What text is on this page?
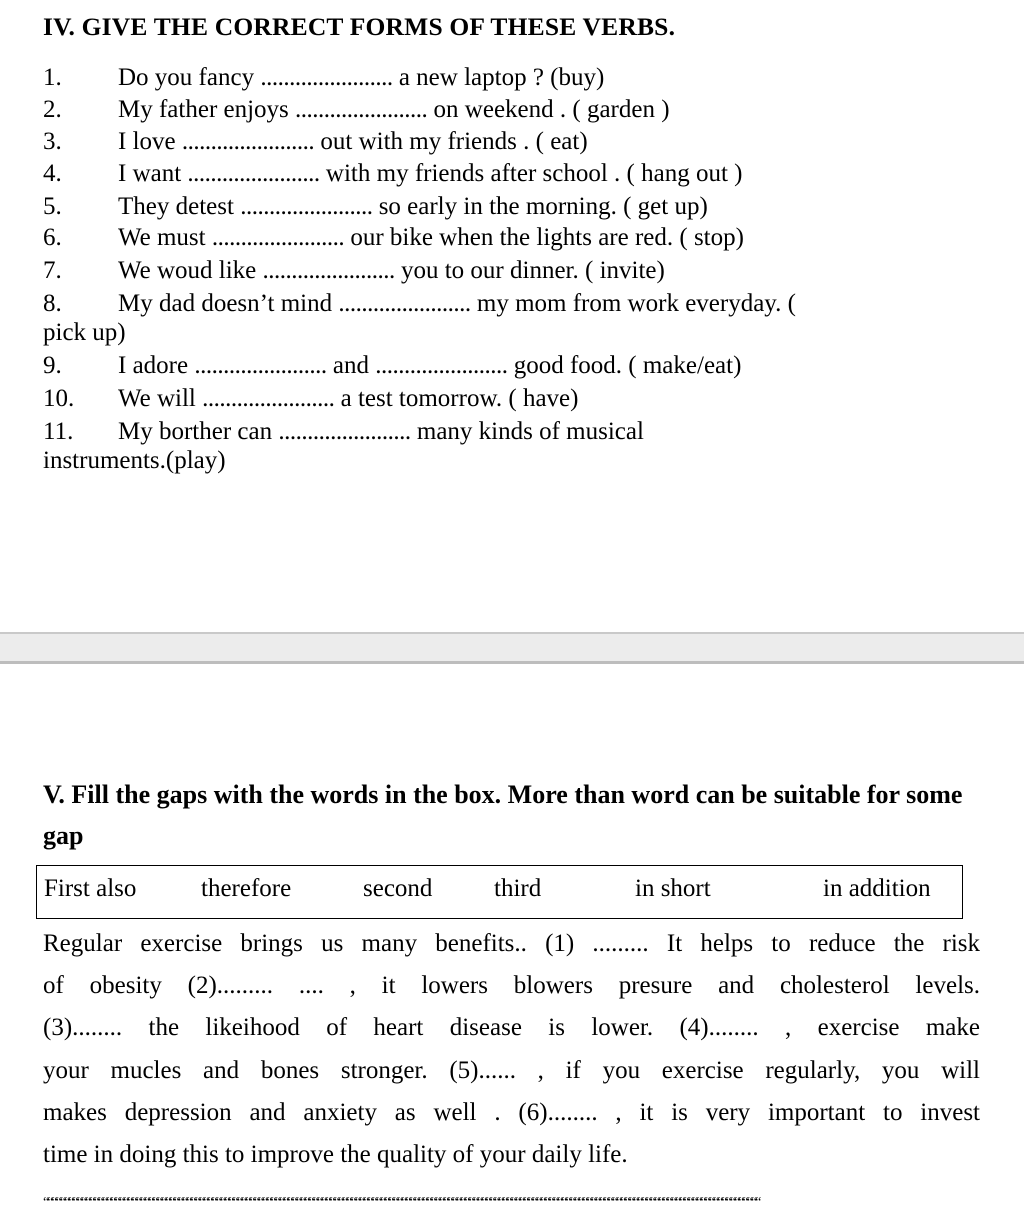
IV. GIVE THE CORRECT FORMS OF THESE VERBS.
1. Do you fancy ....................... a new laptop ? (buy)
2. My father enjoys ....................... on weekend . ( garden )
3. I love ....................... out with my friends . ( eat)
4. I want ....................... with my friends after school . ( hang out )
5. They detest ....................... so early in the morning. ( get up)
6. We must ....................... our bike when the lights are red. ( stop)
7. We woud like ....................... you to our dinner. ( invite)
8. My dad doesn’t mind ....................... my mom from work everyday. (
pick up)
9. I adore ....................... and ....................... good food. ( make/eat)
10. We will ....................... a test tomorrow. ( have)
11. My borther can ....................... many kinds of musical
instruments.(play)
V. Fill the gaps with the words in the box. More than word can be suitable for some gap
First also	therefore	second third	in short	in addition
Regular exercise brings us many benefits.. (1) ......... It helps to reduce the risk
of obesity (2)......... .... , it lowers blowers presure and cholesterol levels.
(3)........ the likeihood of heart disease is lower. (4)........ , exercise make
your mucles and bones stronger. (5)...... , if you exercise regularly, you will
makes depression and anxiety as well . (6)........ , it is very important to invest
time in doing this to improve the quality of your daily life.
““““““““““““““““““““““““““““““““““““““““““““““““““““““““““““““““““““““““““““““““““““““““““““““““““““““““““““““““““““““““““““““““““““““““““““““““““““““““““““““““““““““““““
